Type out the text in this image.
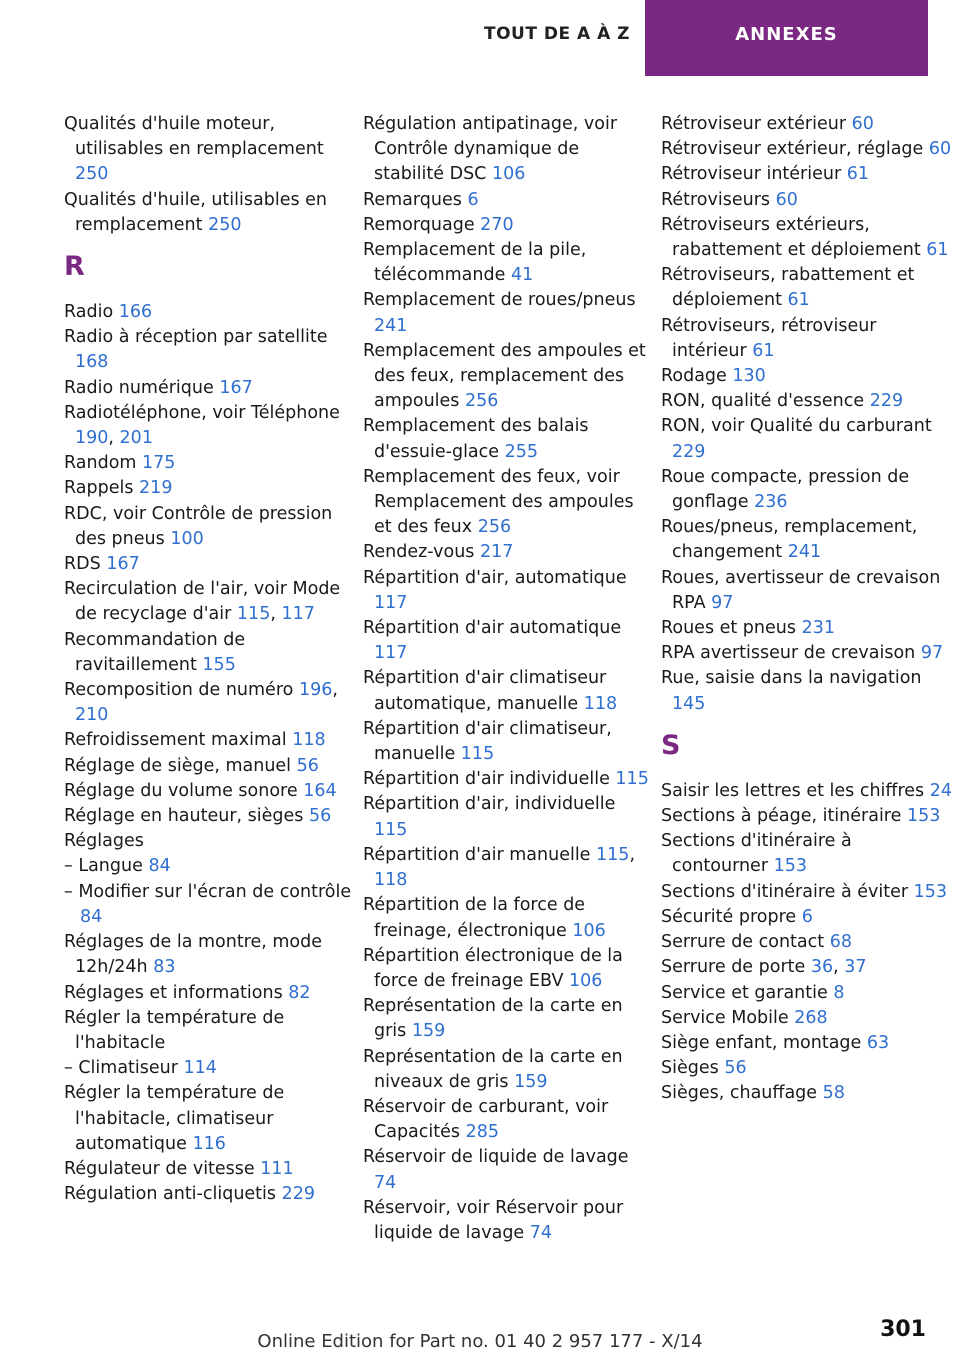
TOUT DE A À Z	ANNEXES

Qualités d'huile moteur, utilisables en remplacement 250

Qualités d'huile, utilisables en remplacement 250

R

Radio 166

Radio à réception par satellite 168

Radio numérique 167

Radiotéléphone, voir Téléphone 190, 201

Random 175

Rappels 219

RDC, voir Contrôle de pression des pneus 100

RDS 167

Recirculation de l'air, voir Mode de recyclage d'air 115, 117

Recommandation de ravitaillement 155

Recomposition de numéro 196, 210

Refroidissement maximal 118

Réglage de siège, manuel 56

Réglage du volume sonore 164

Réglage en hauteur, sièges 56

Réglages

– Langue 84

– Modifier sur l'écran de contrôle 84

Réglages de la montre, mode 12h/24h 83

Réglages et informations 82

Régler la température de l'habitacle

– Climatiseur 114

Régler la température de l'habitacle, climatiseur automatique 116

Régulateur de vitesse 111

Régulation anti-cliquetis 229

Régulation antipatinage, voir Contrôle dynamique de stabilité DSC 106

Remarques 6

Remorquage 270

Remplacement de la pile, télécommande 41

Remplacement de roues/pneus 241

Remplacement des ampoules et des feux, remplacement des ampoules 256

Remplacement des balais d'essuie-glace 255

Remplacement des feux, voir Remplacement des ampoules et des feux 256

Rendez-vous 217

Répartition d'air, automatique 117

Répartition d'air automatique 117

Répartition d'air climatiseur automatique, manuelle 118

Répartition d'air climatiseur, manuelle 115

Répartition d'air individuelle 115

Répartition d'air, individuelle 115

Répartition d'air manuelle 115, 118

Répartition de la force de freinage, électronique 106

Répartition électronique de la force de freinage EBV 106

Représentation de la carte en gris 159

Représentation de la carte en niveaux de gris 159

Réservoir de carburant, voir Capacités 285

Réservoir de liquide de lavage 74

Réservoir, voir Réservoir pour liquide de lavage 74

Rétroviseur extérieur 60

Rétroviseur extérieur, réglage 60

Rétroviseur intérieur 61

Rétroviseurs 60

Rétroviseurs extérieurs, rabattement et déploiement 61

Rétroviseurs, rabattement et déploiement 61

Rétroviseurs, rétroviseur intérieur 61

Rodage 130

RON, qualité d'essence 229

RON, voir Qualité du carburant 229

Roue compacte, pression de gonflage 236

Roues/pneus, remplacement, changement 241

Roues, avertisseur de crevaison RPA 97

Roues et pneus 231

RPA avertisseur de crevaison 97

Rue, saisie dans la navigation 145

S

Saisir les lettres et les chiffres 24

Sections à péage, itinéraire 153

Sections d'itinéraire à contourner 153

Sections d'itinéraire à éviter 153

Sécurité propre 6

Serrure de contact 68

Serrure de porte 36, 37

Service et garantie 8

Service Mobile 268

Siège enfant, montage 63

Sièges 56

Sièges, chauffage 58

301
Online Edition for Part no. 01 40 2 957 177 - X/14
